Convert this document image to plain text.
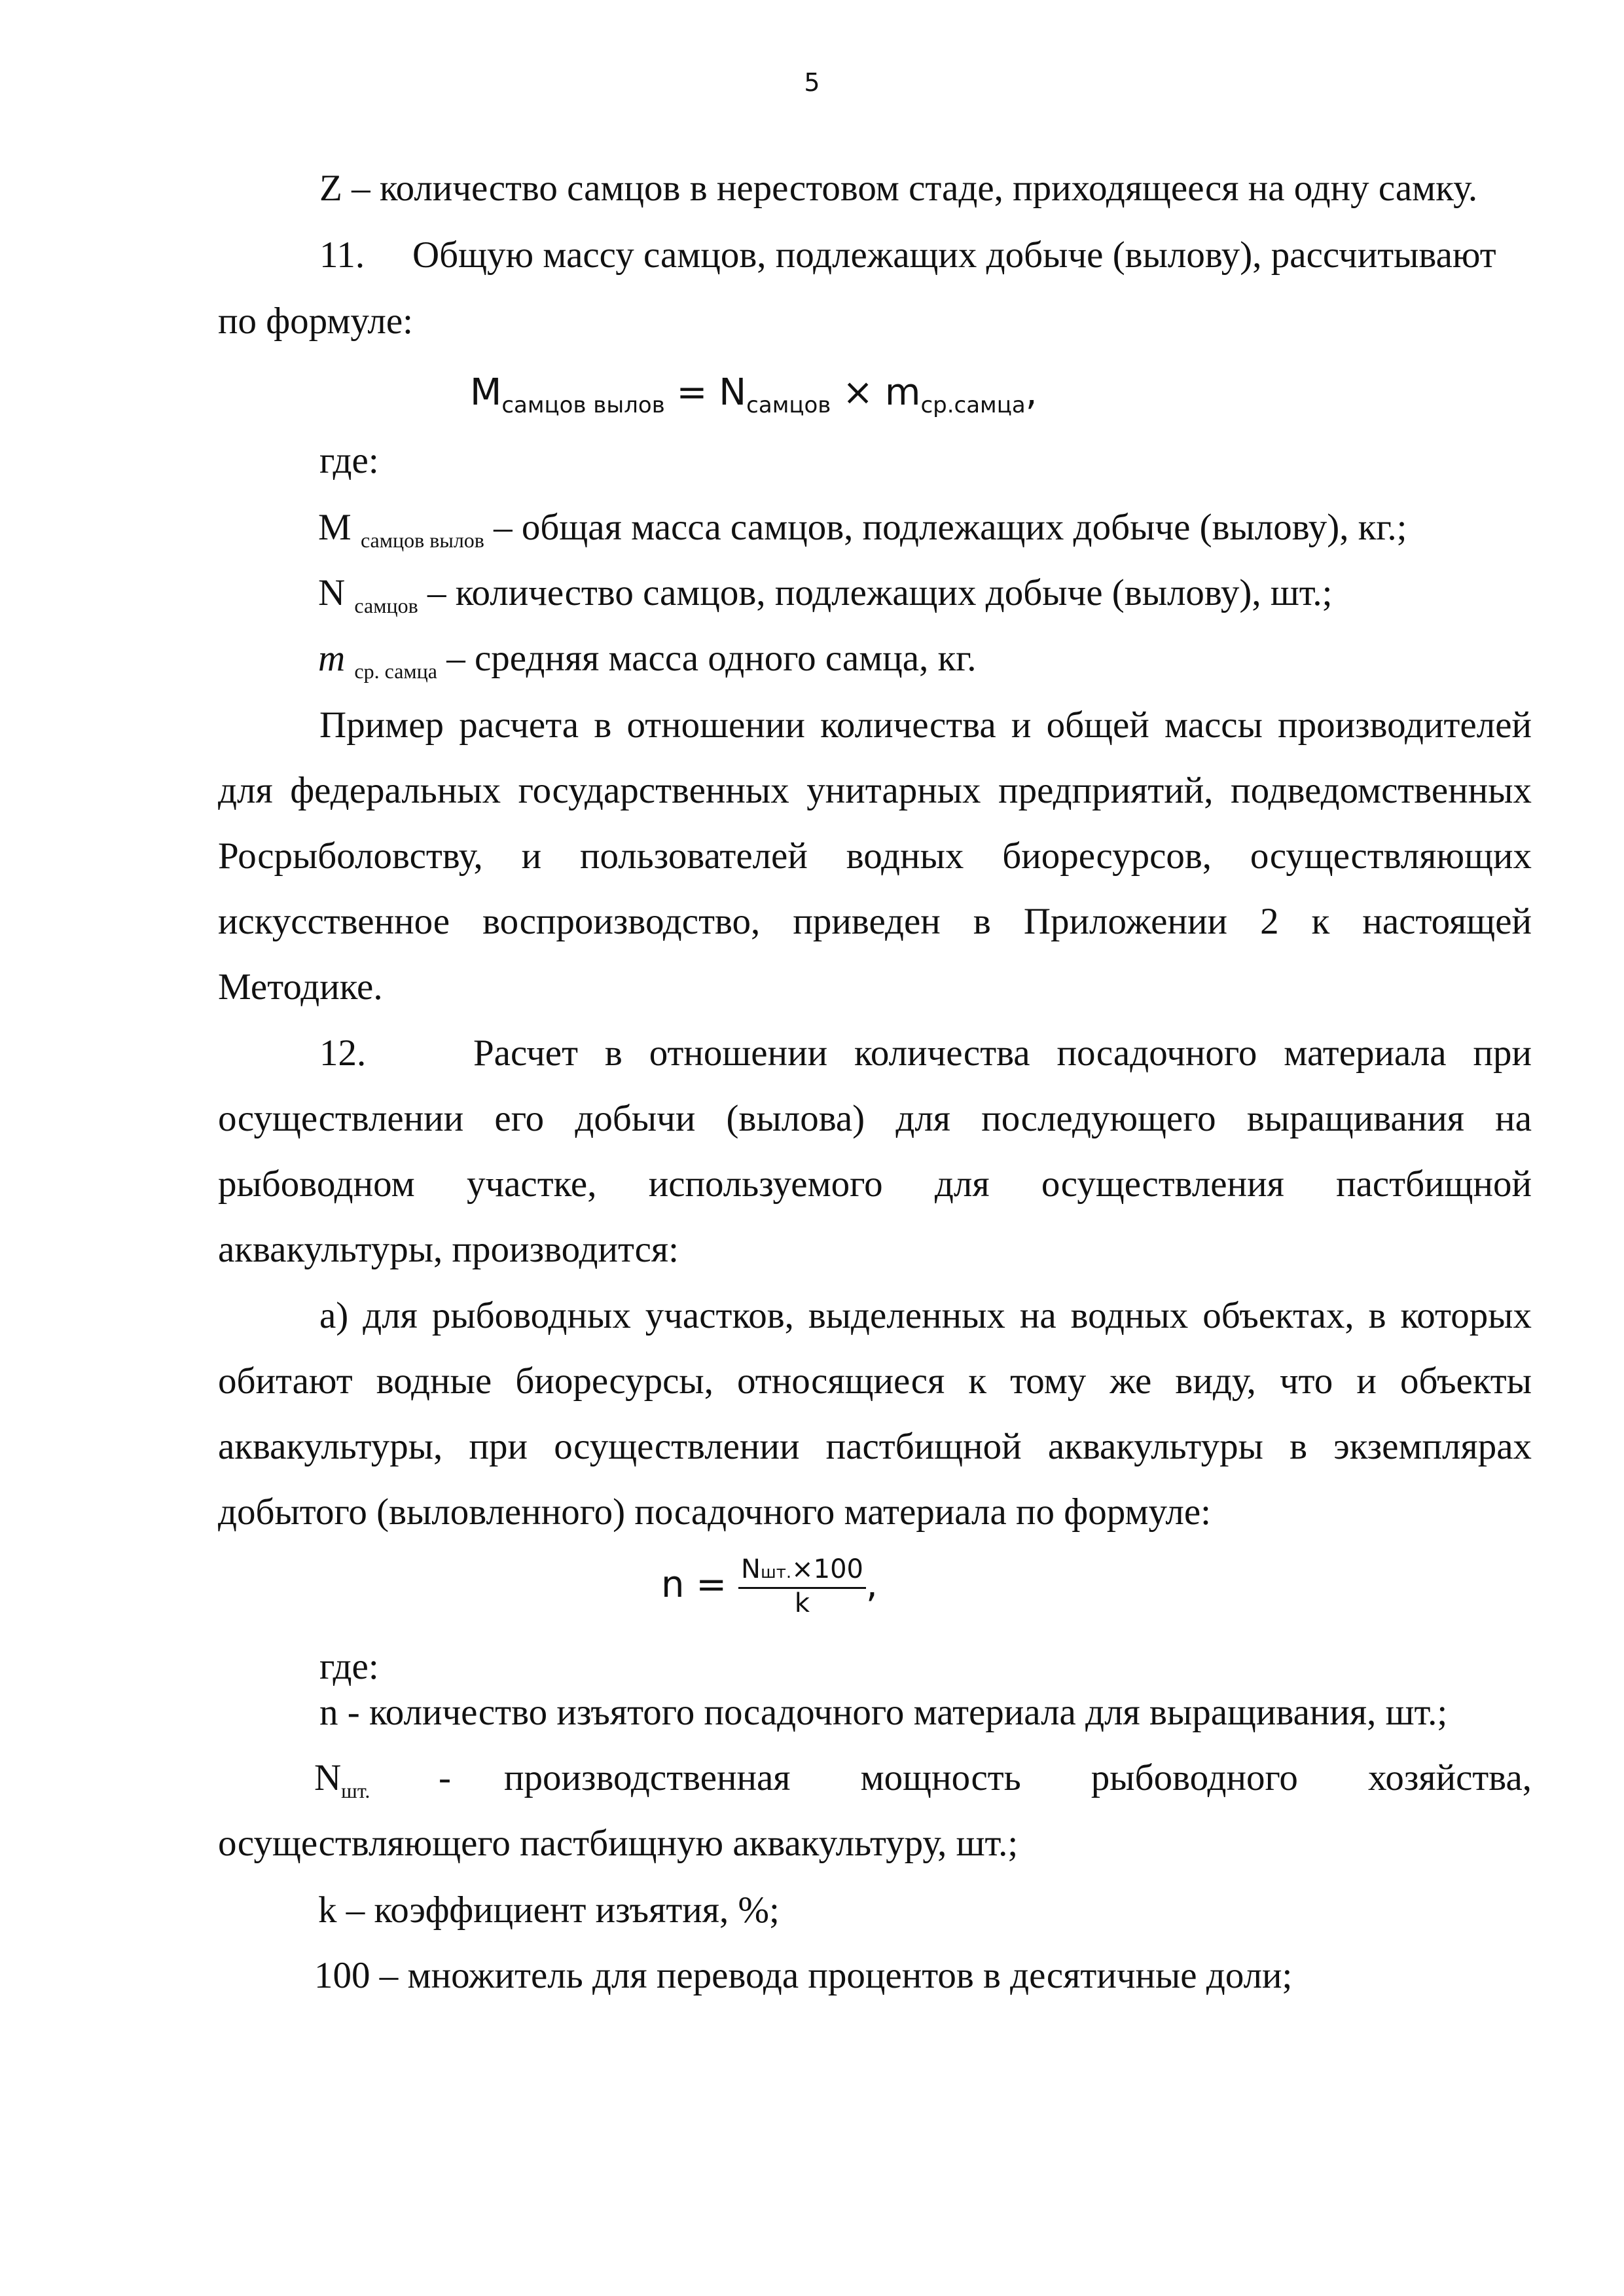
5
Z – количество самцов в нерестовом стаде, приходящееся на одну самку.
11. Общую массу самцов, подлежащих добыче (вылову), рассчитывают
по формуле:
$M_{самцов вылов} = N_{самцов} \times m_{ср.самца}$,
где:
M $_{самцов вылов}$ – общая масса самцов, подлежащих добыче (вылову), кг.;
N $_{самцов}$ – количество самцов, подлежащих добыче (вылову), шт.;
m $_{ср. самца}$ – средняя масса одного самца, кг.
Пример расчета в отношении количества и общей массы производителей
для федеральных государственных унитарных предприятий, подведомственных
Росрыболовству, и пользователей водных биоресурсов, осуществляющих
искусственное воспроизводство, приведен в Приложении 2 к настоящей
Методике.
12.    Расчет в отношении количества посадочного материала при
осуществлении его добычи (вылова) для последующего выращивания на
рыбоводном участке, используемого для осуществления пастбищной
аквакультуры, производится:
а) для рыбоводных участков, выделенных на водных объектах, в которых
обитают водные биоресурсы, относящиеся к тому же виду, что и объекты
аквакультуры, при осуществлении пастбищной аквакультуры в экземплярах
добытого (выловленного) посадочного материала по формуле:
$n = \frac{\text{Nшт.×100}}{k}$ ,
где:
n - количество изъятого посадочного материала для выращивания, шт.;
$N_{шт.}$ - производственная мощность рыбоводного хозяйства,
осуществляющего пастбищную аквакультуру, шт.;
k – коэффициент изъятия, %;
100 – множитель для перевода процентов в десятичные доли;
